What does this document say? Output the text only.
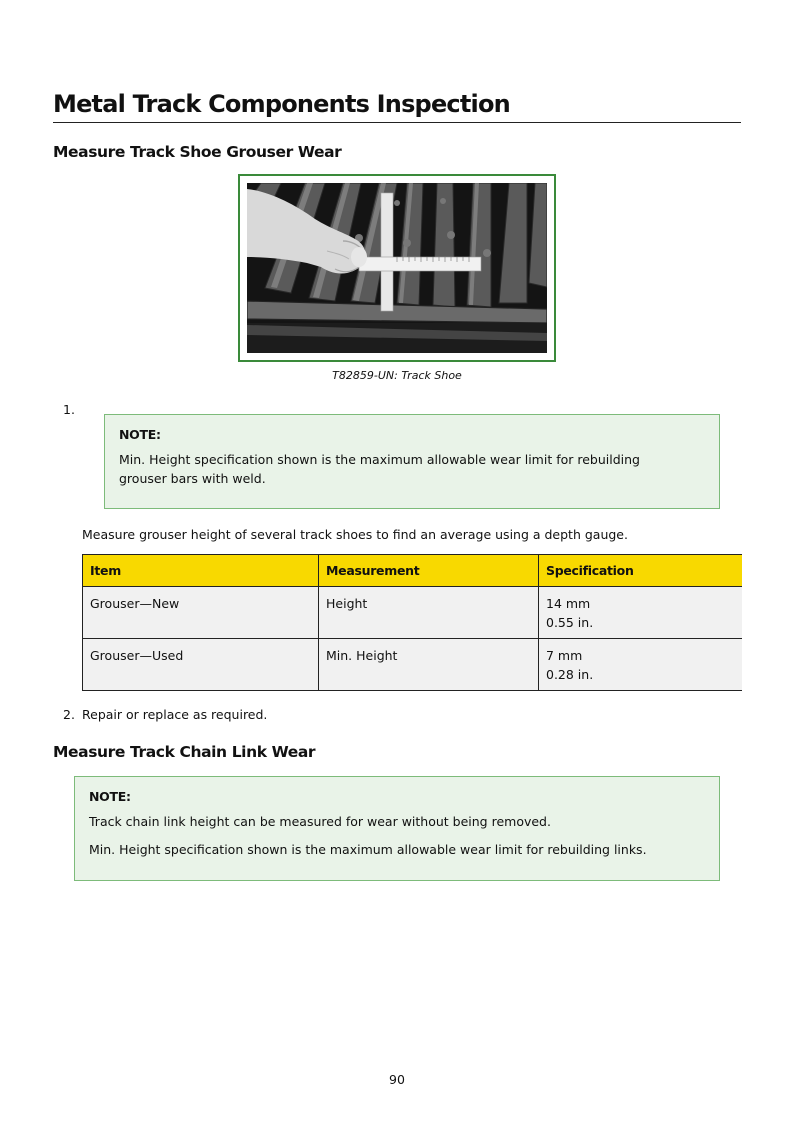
Metal Track Components Inspection
Measure Track Shoe Grouser Wear
T82859-UN: Track Shoe
1.
NOTE:
Min. Height specification shown is the maximum allowable wear limit for rebuilding grouser bars with weld.
Measure grouser height of several track shoes to find an average using a depth gauge.
Item	Measurement	Specification
Grouser—New	Height	14 mm
0.55 in.

Grouser—Used	Min. Height	7 mm
0.28 in.
2. Repair or replace as required.
Measure Track Chain Link Wear
NOTE:
Track chain link height can be measured for wear without being removed.
Min. Height specification shown is the maximum allowable wear limit for rebuilding links.
90
